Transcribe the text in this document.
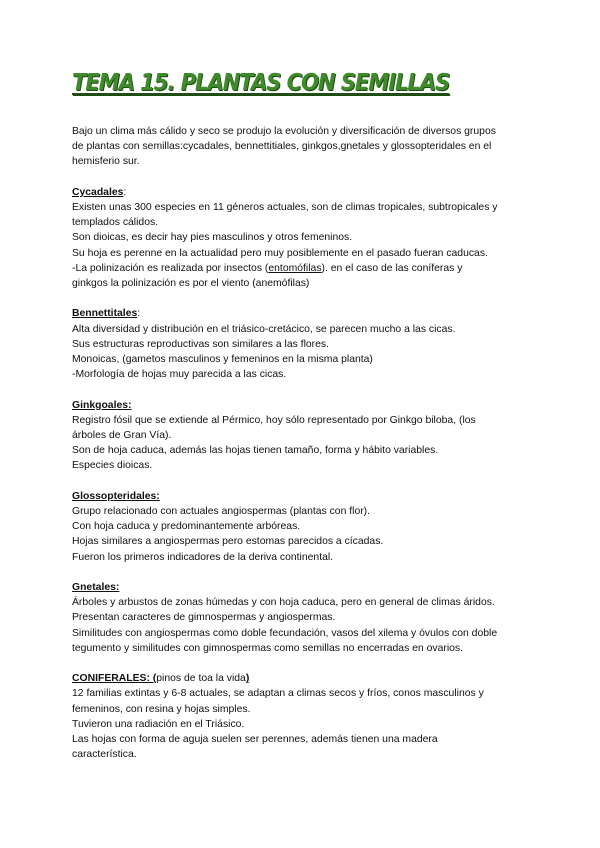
TEMA 15. PLANTAS CON SEMILLAS
Bajo un clima más cálido y seco se produjo la evolución y diversificación de diversos grupos
de plantas con semillas:cycadales, bennettitiales, ginkgos,gnetales y glossopteridales en el
hemisferio sur.
Cycadales:
Existen unas 300 especies en 11 géneros actuales, son de climas tropicales, subtropicales y
templados cálidos.
Son dioicas, es decir hay pies masculinos y otros femeninos.
Su hoja es perenne en la actualidad pero muy posiblemente en el pasado fueran caducas.
-La polinización es realizada por insectos (entomófilas). en el caso de las coníferas y
ginkgos la polinización es por el viento (anemófilas)
Bennettitales:
Alta diversidad y distribución en el triásico-cretácico, se parecen mucho a las cicas.
Sus estructuras reproductivas son similares a las flores.
Monoicas, (gametos masculinos y femeninos en la misma planta)
-Morfología de hojas muy parecida a las cicas.
Ginkgoales:
Registro fósil que se extiende al Pérmico, hoy sólo representado por Ginkgo biloba, (los
árboles de Gran Vía).
Son de hoja caduca, además las hojas tienen tamaño, forma y hábito variables.
Especies dioicas.
Glossopteridales:
Grupo relacionado con actuales angiospermas (plantas con flor).
Con hoja caduca y predominantemente arbóreas.
Hojas similares a angiospermas pero estomas parecidos a cícadas.
Fueron los primeros indicadores de la deriva continental.
Gnetales:
Árboles y arbustos de zonas húmedas y con hoja caduca, pero en general de climas áridos.
Presentan caracteres de gimnospermas y angiospermas.
Similitudes con angiospermas como doble fecundación, vasos del xilema y óvulos con doble
tegumento y similitudes con gimnospermas como semillas no encerradas en ovarios.
CONIFERALES: (pinos de toa la vida)
12 familias extintas y 6-8 actuales, se adaptan a climas secos y fríos, conos masculinos y
femeninos, con resina y hojas simples.
Tuvieron una radiación en el Triásico.
Las hojas con forma de aguja suelen ser perennes, además tienen una madera
característica.
